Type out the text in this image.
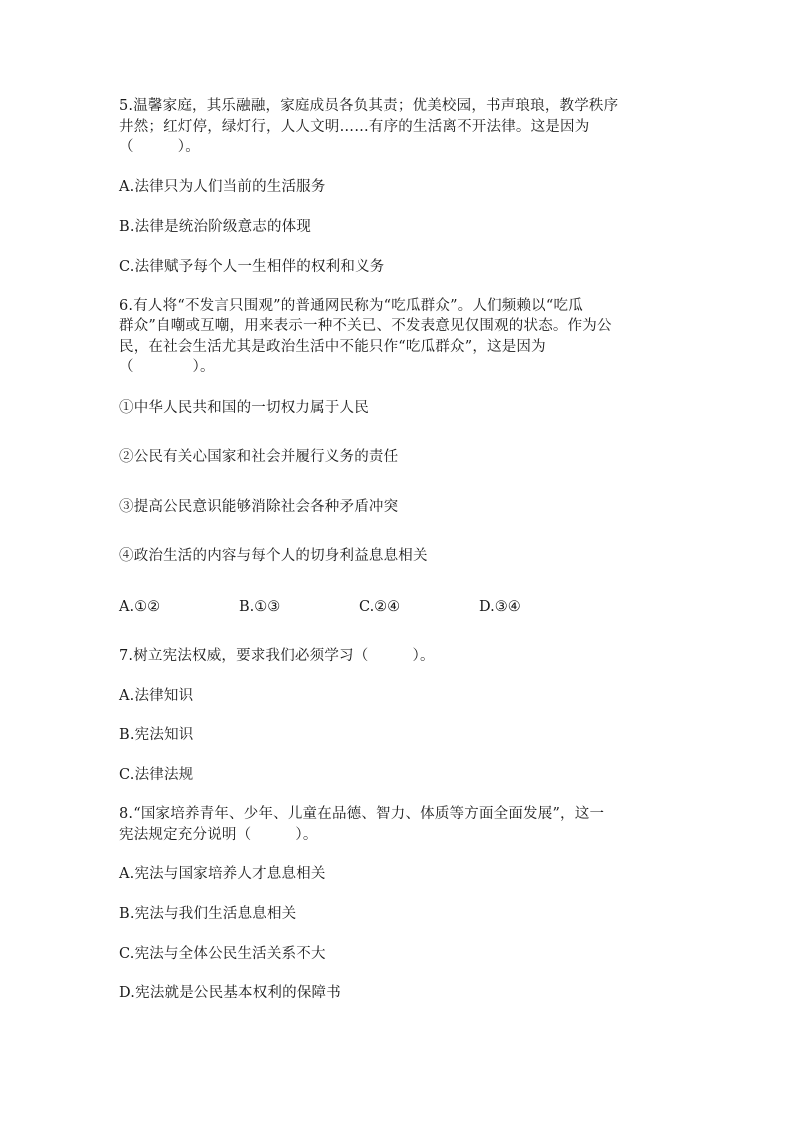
5.温馨家庭，其乐融融，家庭成员各负其责；优美校园，书声琅琅，教学秩序
井然；红灯停，绿灯行，人人文明……有序的生活离不开法律。这是因为
（　　　）。
A.法律只为人们当前的生活服务
B.法律是统治阶级意志的体现
C.法律赋予每个人一生相伴的权利和义务
6.有人将“不发言只围观”的普通网民称为“吃瓜群众”。人们频赖以“吃瓜
群众”自嘲或互嘲，用来表示一种不关已、不发表意见仅围观的状态。作为公
民，在社会生活尤其是政治生活中不能只作“吃瓜群众”，这是因为
（　　　　）。
①中华人民共和国的一切权力属于人民
②公民有关心国家和社会并履行义务的责任
③提高公民意识能够消除社会各种矛盾冲突
④政治生活的内容与每个人的切身利益息息相关
A.①②	B.①③	C.②④	D.③④
7.树立宪法权威，要求我们必须学习（　　　）。
A.法律知识
B.宪法知识
C.法律法规
8.“国家培养青年、少年、儿童在品德、智力、体质等方面全面发展”，这一
宪法规定充分说明（　　　）。
A.宪法与国家培养人才息息相关
B.宪法与我们生活息息相关
C.宪法与全体公民生活关系不大
D.宪法就是公民基本权利的保障书
